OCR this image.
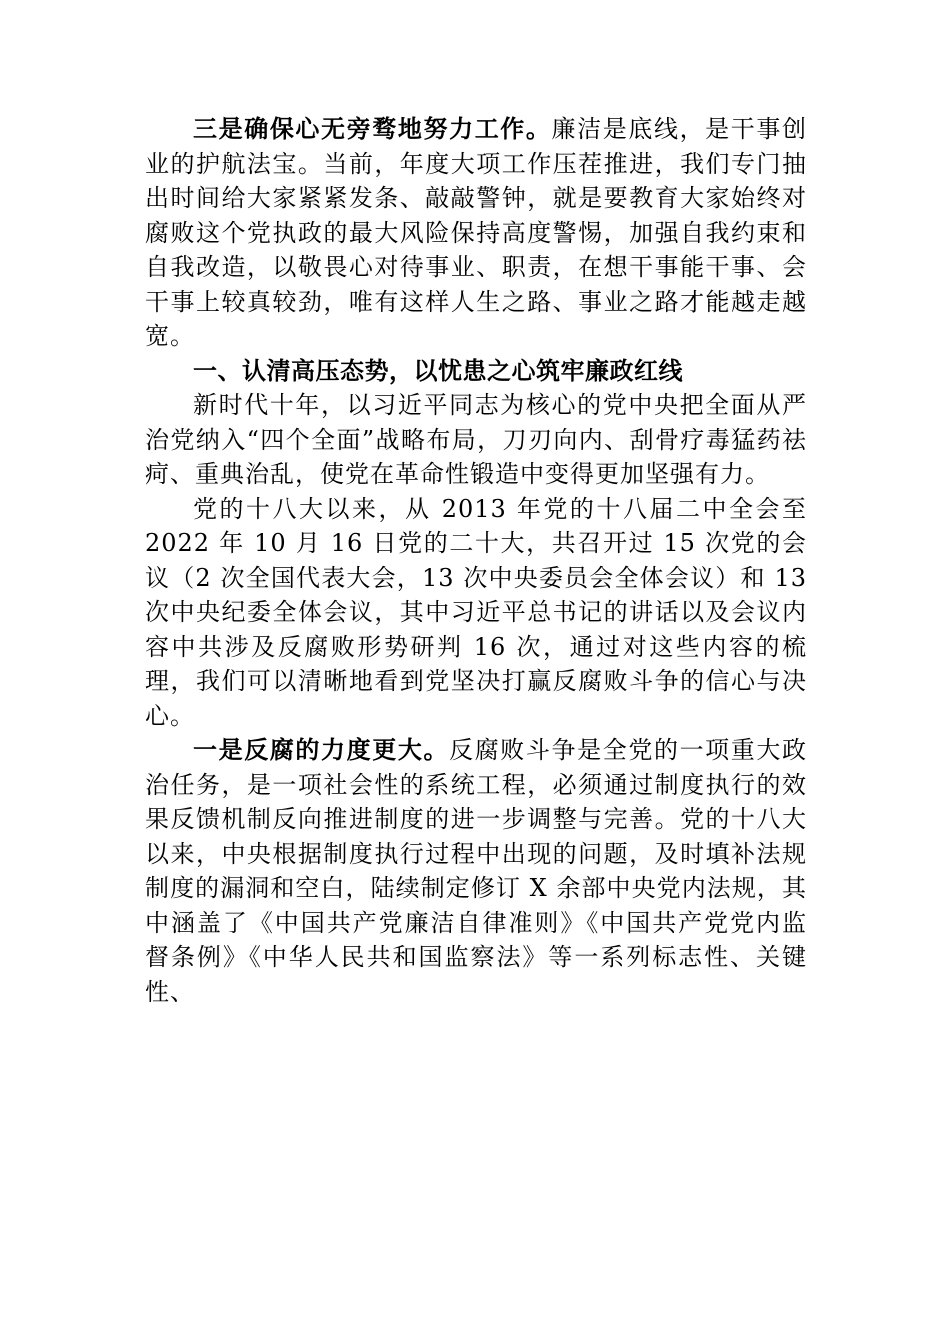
三是确保心无旁骛地努力工作。廉洁是底线，是干事创业的护航法宝。当前，年度大项工作压茬推进，我们专门抽出时间给大家紧紧发条、敲敲警钟，就是要教育大家始终对腐败这个党执政的最大风险保持高度警惕，加强自我约束和自我改造，以敬畏心对待事业、职责，在想干事能干事、会干事上较真较劲，唯有这样人生之路、事业之路才能越走越宽。

一、认清高压态势，以忧患之心筑牢廉政红线

新时代十年，以习近平同志为核心的党中央把全面从严治党纳入“四个全面”战略布局，刀刃向内、刮骨疗毒猛药祛疴、重典治乱，使党在革命性锻造中变得更加坚强有力。

党的十八大以来，从 2013 年党的十八届二中全会至 2022 年 10 月 16 日党的二十大，共召开过 15 次党的会议（2 次全国代表大会，13 次中央委员会全体会议）和 13 次中央纪委全体会议，其中习近平总书记的讲话以及会议内容中共涉及反腐败形势研判 16 次，通过对这些内容的梳理，我们可以清晰地看到党坚决打赢反腐败斗争的信心与决心。

一是反腐的力度更大。反腐败斗争是全党的一项重大政治任务，是一项社会性的系统工程，必须通过制度执行的效果反馈机制反向推进制度的进一步调整与完善。党的十八大以来，中央根据制度执行过程中出现的问题，及时填补法规制度的漏洞和空白，陆续制定修订 X 余部中央党内法规，其中涵盖了《中国共产党廉洁自律准则》《中国共产党党内监督条例》《中华人民共和国监察法》等一系列标志性、关键性、
